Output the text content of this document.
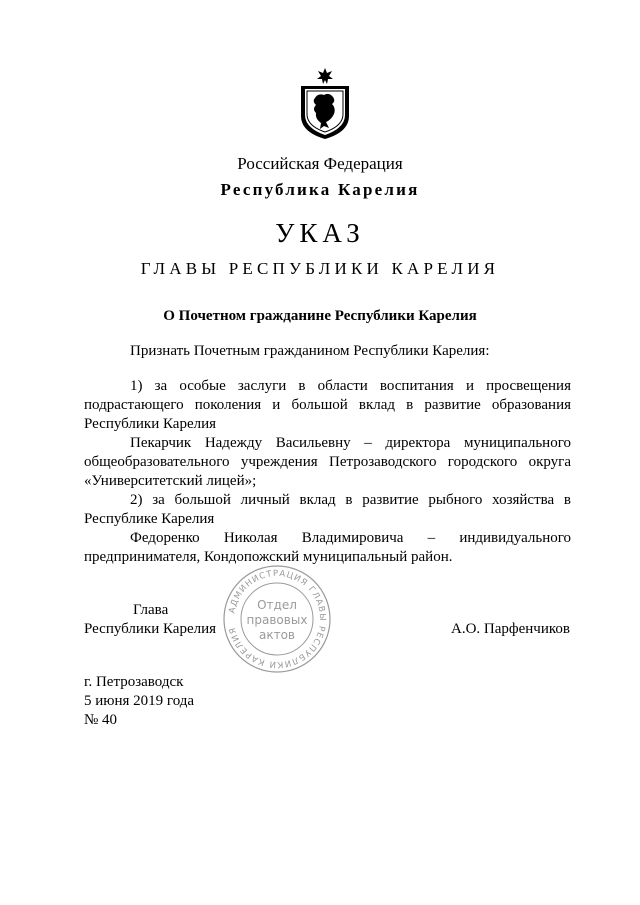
Российская Федерация
Республика Карелия
УКАЗ
ГЛАВЫ РЕСПУБЛИКИ КАРЕЛИЯ
О Почетном гражданине Республики Карелия

Признать Почетным гражданином Республики Карелия:

1) за особые заслуги в области воспитания и просвещения подрастающего поколения и большой вклад в развитие образования Республики Карелия

Пекарчик Надежду Васильевну – директора муниципального общеобразовательного учреждения Петрозаводского городского округа «Университетский лицей»;

2) за большой личный вклад в развитие рыбного хозяйства в Республике Карелия

Федоренко Николая Владимировича – индивидуального предпринимателя, Кондопожский муниципальный район.

АДМИНИСТРАЦИЯ ГЛАВЫ РЕСПУБЛИКИ КАРЕЛИЯ
Отдел
правовых
актов
Глава
Республики Карелия	А.О. Парфенчиков
г. Петрозаводск
5 июня 2019 года
№ 40
